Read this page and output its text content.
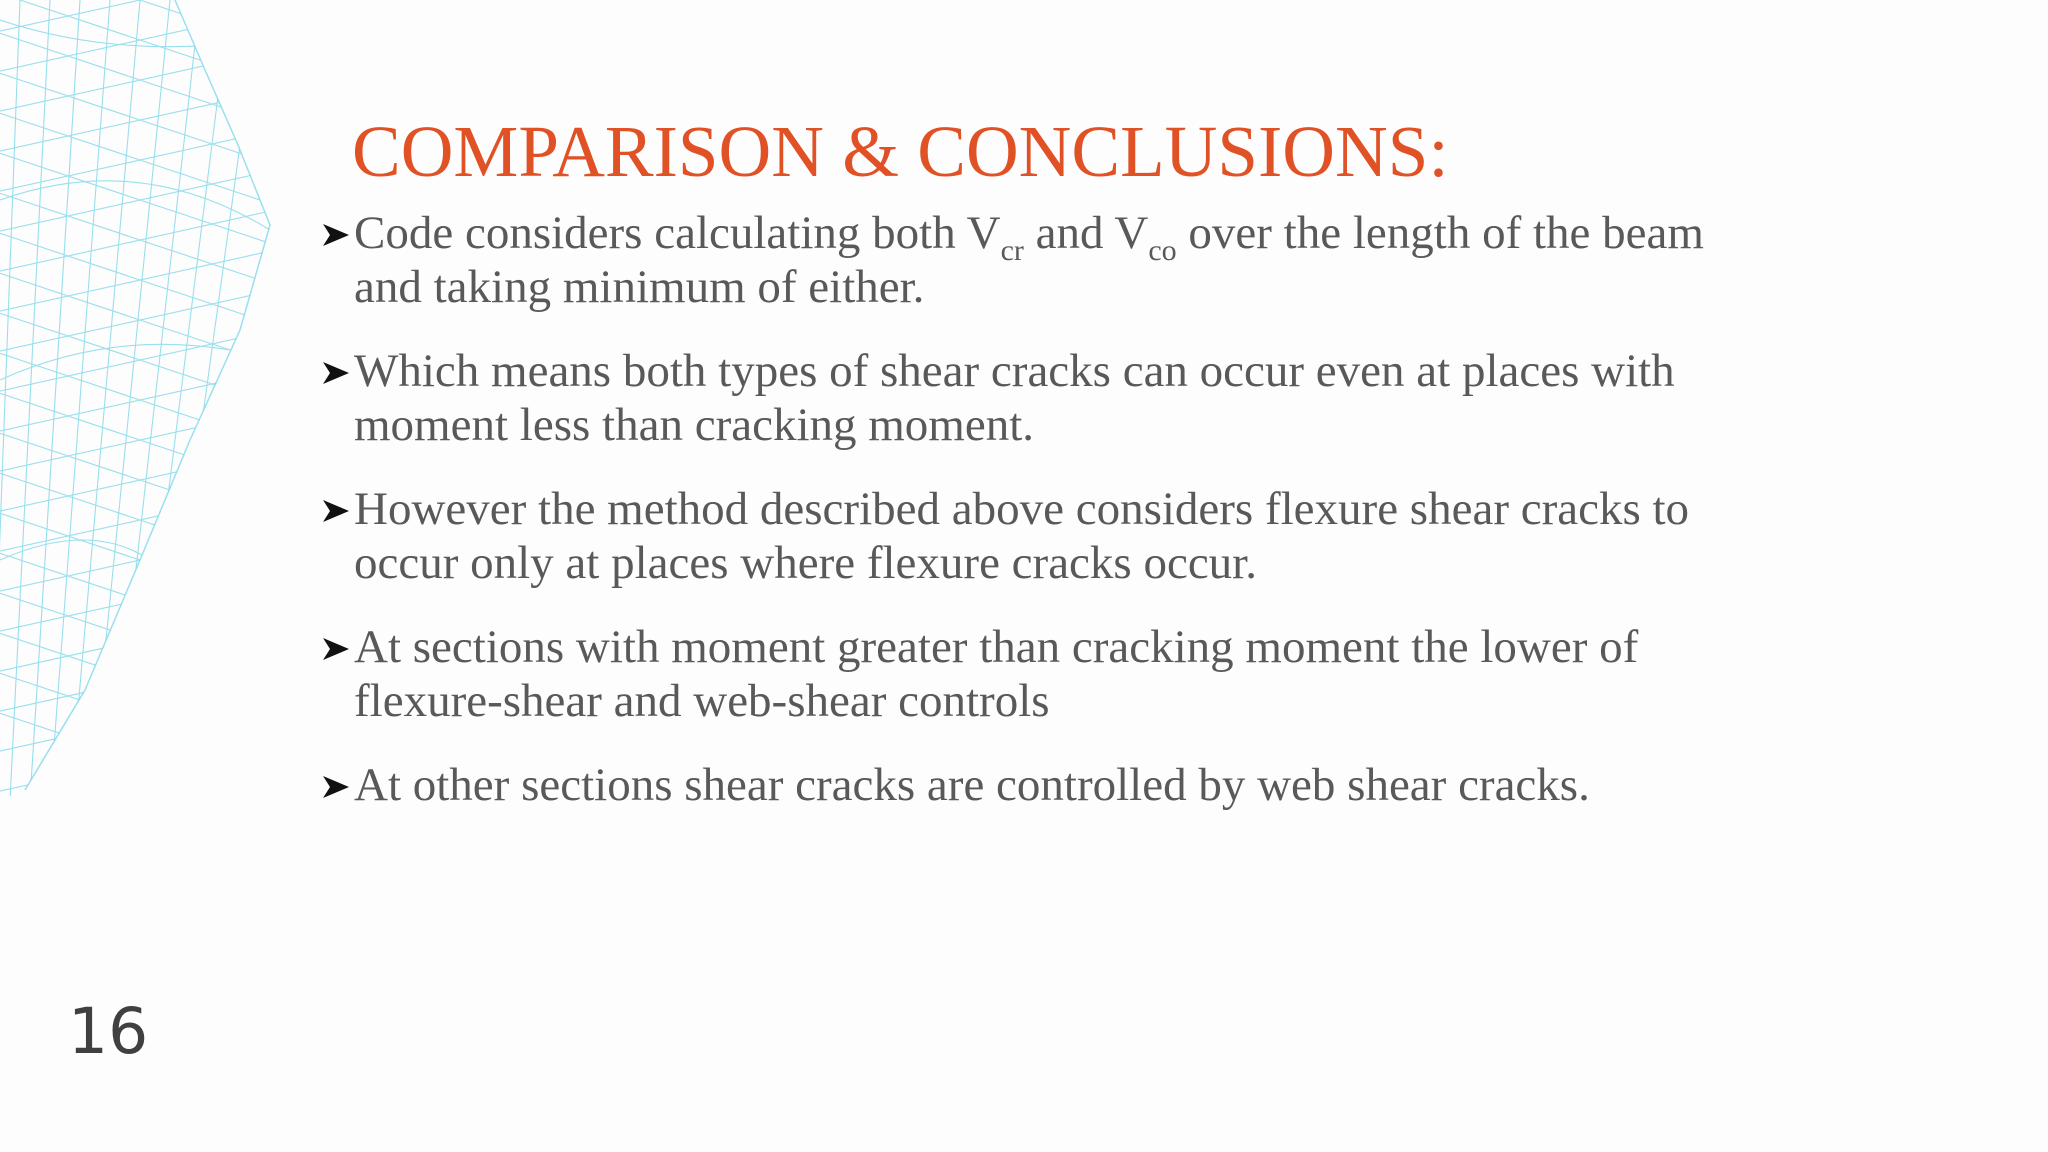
COMPARISON & CONCLUSIONS:
Code considers calculating both $V_{cr}$ and $V_{co}$ over the length of the beam and taking minimum of either.
Which means both types of shear cracks can occur even at places with moment less than cracking moment.
However the method described above considers flexure shear cracks to occur only at places where flexure cracks occur.
At sections with moment greater than cracking moment the lower of flexure-shear and web-shear controls
At other sections shear cracks are controlled by web shear cracks.
16
